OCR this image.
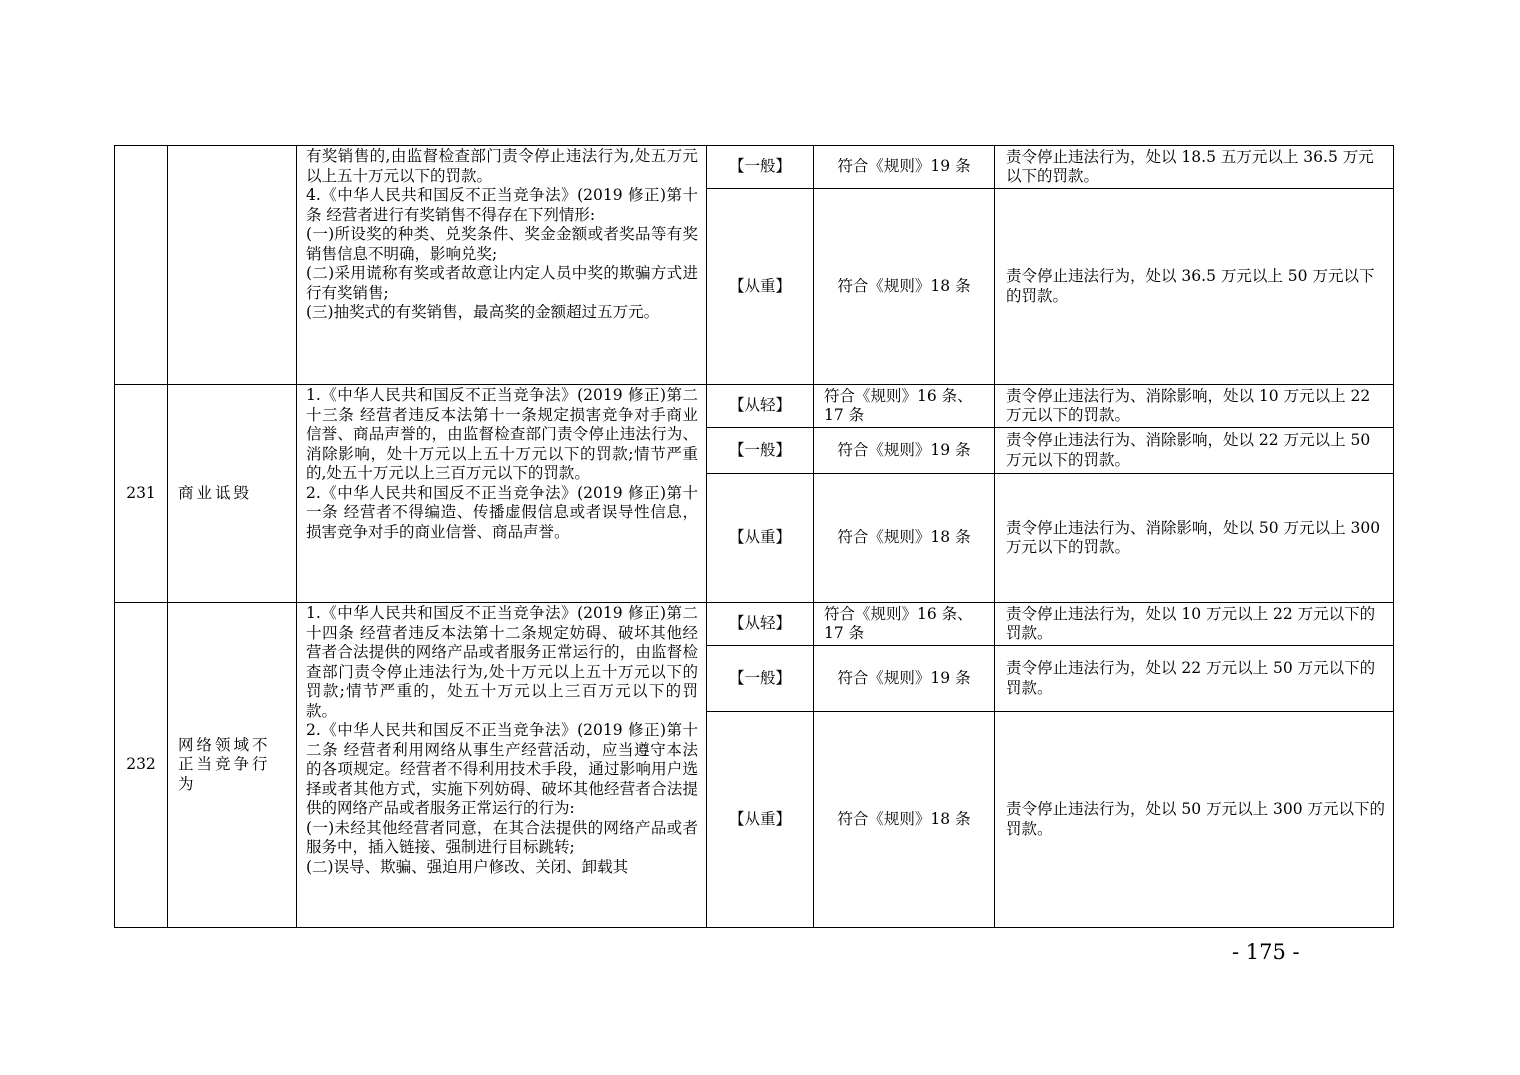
		有奖销售的,由监督检查部门责令停止违法行为,处五万元以上五十万元以下的罚款。
4.《中华人民共和国反不正当竞争法》(2019 修正)第十条 经营者进行有奖销售不得存在下列情形:
(一)所设奖的种类、兑奖条件、奖金金额或者奖品等有奖销售信息不明确，影响兑奖;
(二)采用谎称有奖或者故意让内定人员中奖的欺骗方式进行有奖销售;
(三)抽奖式的有奖销售，最高奖的金额超过五万元。	【一般】	符合《规则》19 条	责令停止违法行为，处以 18.5 五万元以上 36.5 万元以下的罚款。
			【从重】	符合《规则》18 条	责令停止违法行为，处以 36.5 万元以上 50 万元以下的罚款。
231	商业诋毁	1.《中华人民共和国反不正当竞争法》(2019 修正)第二十三条 经营者违反本法第十一条规定损害竞争对手商业信誉、商品声誉的，由监督检查部门责令停止违法行为、消除影响，处十万元以上五十万元以下的罚款;情节严重的,处五十万元以上三百万元以下的罚款。
2.《中华人民共和国反不正当竞争法》(2019 修正)第十一条 经营者不得编造、传播虚假信息或者误导性信息，损害竞争对手的商业信誉、商品声誉。	【从轻】	符合《规则》16 条、17 条	责令停止违法行为、消除影响，处以 10 万元以上 22 万元以下的罚款。
			【一般】	符合《规则》19 条	责令停止违法行为、消除影响，处以 22 万元以上 50 万元以下的罚款。
			【从重】	符合《规则》18 条	责令停止违法行为、消除影响，处以 50 万元以上 300 万元以下的罚款。
232	网络领域不正当竞争行为	1.《中华人民共和国反不正当竞争法》(2019 修正)第二十四条 经营者违反本法第十二条规定妨碍、破坏其他经营者合法提供的网络产品或者服务正常运行的，由监督检查部门责令停止违法行为,处十万元以上五十万元以下的罚款;情节严重的，处五十万元以上三百万元以下的罚款。
2.《中华人民共和国反不正当竞争法》(2019 修正)第十二条 经营者利用网络从事生产经营活动，应当遵守本法的各项规定。经营者不得利用技术手段，通过影响用户选择或者其他方式，实施下列妨碍、破坏其他经营者合法提供的网络产品或者服务正常运行的行为:
(一)未经其他经营者同意，在其合法提供的网络产品或者服务中，插入链接、强制进行目标跳转;
(二)误导、欺骗、强迫用户修改、关闭、卸载其	【从轻】	符合《规则》16 条、17 条	责令停止违法行为，处以 10 万元以上 22 万元以下的罚款。
			【一般】	符合《规则》19 条	责令停止违法行为，处以 22 万元以上 50 万元以下的罚款。
			【从重】	符合《规则》18 条	责令停止违法行为，处以 50 万元以上 300 万元以下的罚款。
- 175 -
